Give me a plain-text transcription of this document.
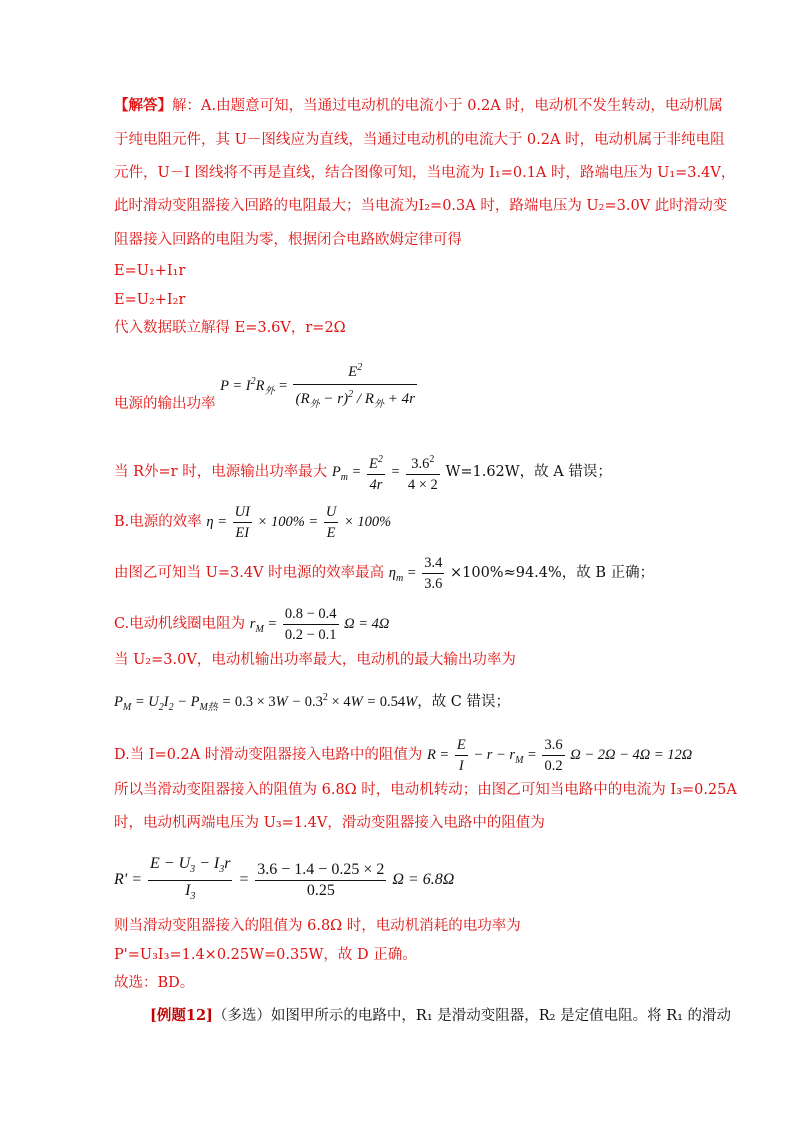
【解答】解：A.由题意可知，当通过电动机的电流小于 0.2A 时，电动机不发生转动，电动机属
于纯电阻元件，其 U－图线应为直线，当通过电动机的电流大于 0.2A 时，电动机属于非纯电阻
元件，U－I 图线将不再是直线，结合图像可知，当电流为 I₁=0.1A 时，路端电压为 U₁=3.4V，
此时滑动变阻器接入回路的电阻最大；当电流为I₂=0.3A 时，路端电压为 U₂=3.0V 此时滑动变
阻器接入回路的电阻为零，根据闭合电路欧姆定律可得
E=U₁+I₁r
E=U₂+I₂r
代入数据联立解得 E=3.6V，r=2Ω
电源的输出功率 $P = I^2R_外 = \frac{E^2}{(R_外 - r)^2 / R_外 + 4r}$
当 R外=r 时，电源输出功率最大 $P_m = \frac{E^2}{4r} = \frac{3.6^2}{4 \times 2} W=1.62W$，故 A 错误；
B.电源的效率 $\eta = \frac{UI}{EI} \times 100\% = \frac{U}{E} \times 100\%$
由图乙可知当 U=3.4V 时电源的效率最高 $\eta_m = \frac{3.4}{3.6} \times 100\%\approx 94.4\%$，故 B 正确；
C.电动机线圈电阻为 $r_M = \frac{0.8 - 0.4}{0.2 - 0.1}$ Ω = 4Ω
当 U₂=3.0V，电动机输出功率最大，电动机的最大输出功率为
$P_M = U_2I_2 - P_{M热} = 0.3 \times 3W - 0.3^2 \times 4W = 0.54W$，故 C 错误；
D.当 I=0.2A 时滑动变阻器接入电路中的阻值为 $R = \frac{E}{I} - r - r_M = \frac{3.6}{0.2}$ Ω − 2Ω − 4Ω = 12Ω
所以当滑动变阻器接入的阻值为 6.8Ω 时，电动机转动；由图乙可知当电路中的电流为 I₃=0.25A
时，电动机两端电压为 U₃=1.4V，滑动变阻器接入电路中的阻值为
$R' = \frac{E - U_3 - I_3r}{I_3} = \frac{3.6 - 1.4 - 0.25 \times 2}{0.25}$ Ω = 6.8Ω
则当滑动变阻器接入的阻值为 6.8Ω 时，电动机消耗的电功率为
P'=U₃I₃=1.4×0.25W=0.35W，故 D 正确。
故选：BD。
[例题12]（多选）如图甲所示的电路中，R₁ 是滑动变阻器，R₂ 是定值电阻。将 R₁ 的滑动
